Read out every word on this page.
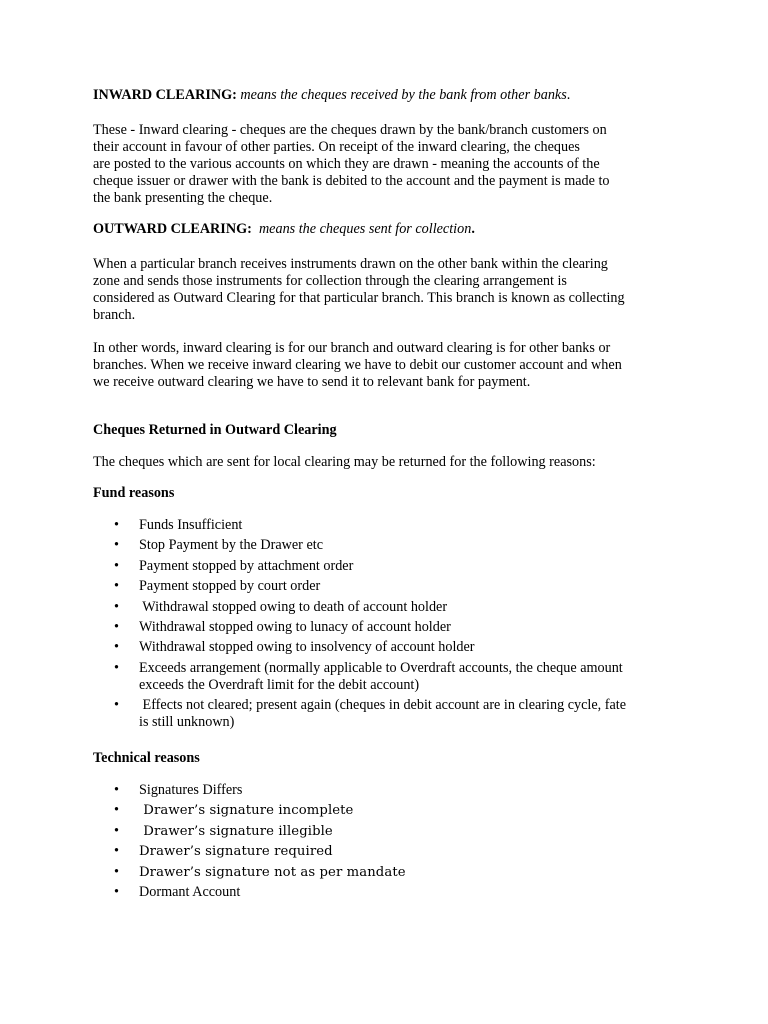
INWARD CLEARING: means the cheques received by the bank from other banks.

These - Inward clearing - cheques are the cheques drawn by the bank/branch customers on
their account in favour of other parties. On receipt of the inward clearing, the cheques
are posted to the various accounts on which they are drawn - meaning the accounts of the
cheque issuer or drawer with the bank is debited to the account and the payment is made to
the bank presenting the cheque.

OUTWARD CLEARING: means the cheques sent for collection.

When a particular branch receives instruments drawn on the other bank within the clearing
zone and sends those instruments for collection through the clearing arrangement is
considered as Outward Clearing for that particular branch. This branch is known as collecting
branch.
In other words, inward clearing is for our branch and outward clearing is for other banks or
branches. When we receive inward clearing we have to debit our customer account and when
we receive outward clearing we have to send it to relevant bank for payment.

Cheques Returned in Outward Clearing

The cheques which are sent for local clearing may be returned for the following reasons:

Fund reasons

• Funds Insufficient
• Stop Payment by the Drawer etc
• Payment stopped by attachment order
• Payment stopped by court order
• Withdrawal stopped owing to death of account holder
• Withdrawal stopped owing to lunacy of account holder
• Withdrawal stopped owing to insolvency of account holder
• Exceeds arrangement (normally applicable to Overdraft accounts, the cheque amount
exceeds the Overdraft limit for the debit account)
• Effects not cleared; present again (cheques in debit account are in clearing cycle, fate
is still unknown)

Technical reasons

• Signatures Differs
• Drawer’s signature incomplete
• Drawer’s signature illegible
• Drawer’s signature required
• Drawer’s signature not as per mandate
• Dormant Account
